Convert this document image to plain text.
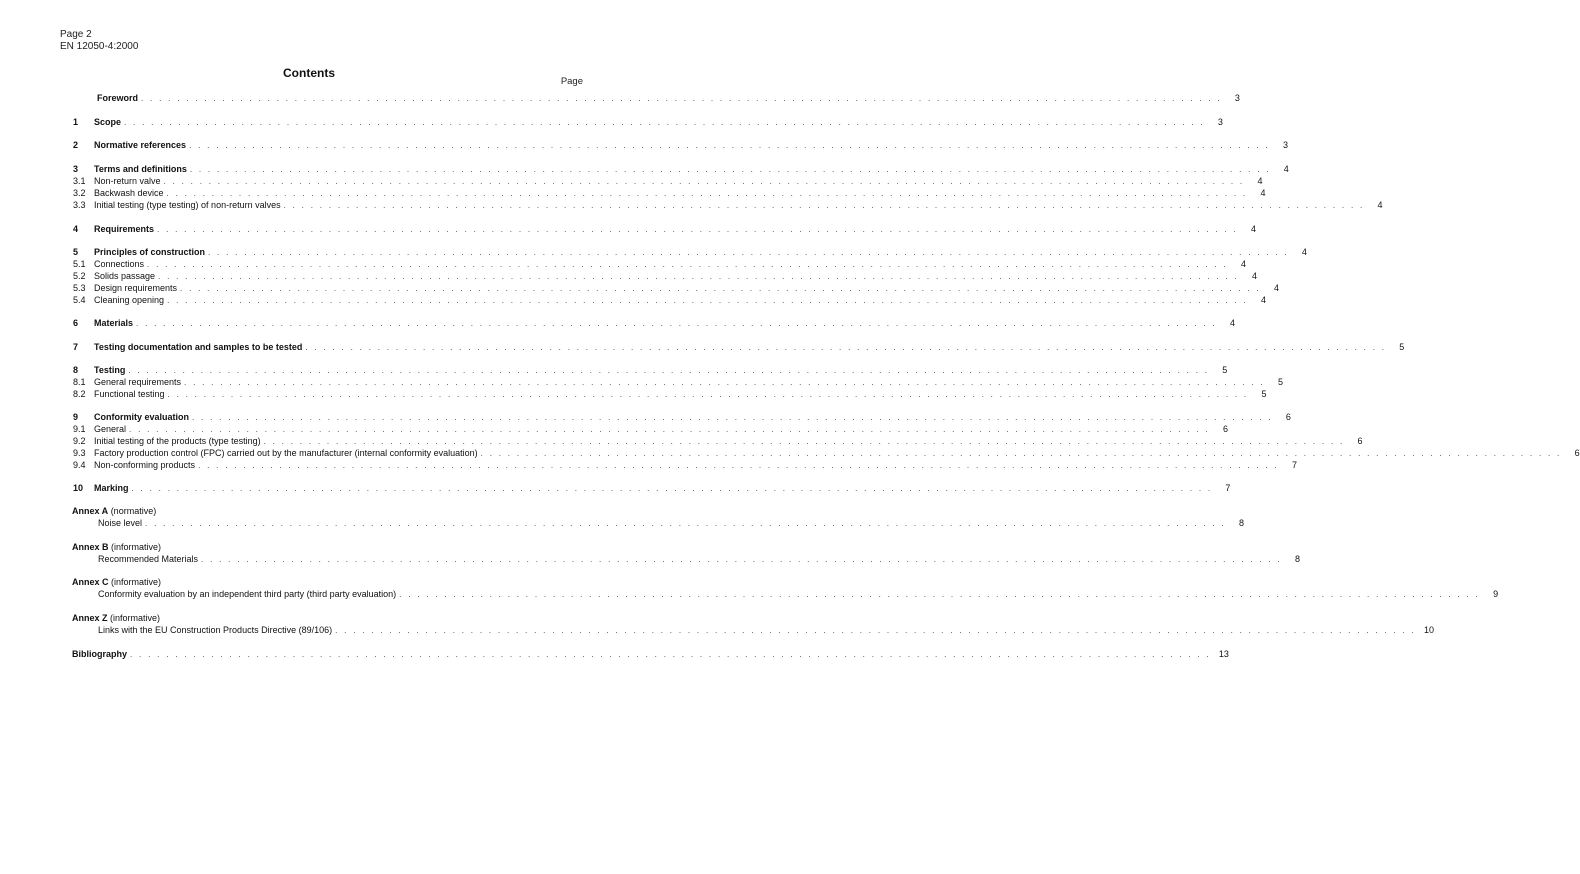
Page 2
EN 12050-4:2000
Contents
Page
Foreword . . . . . . . . . . . . . . . . . . . . . . . . . . . . . . . . . . . . . . . . . . . . . . . . . . . . . . . . . . . . . . . . . . . . . . . . . . . . . . . . . . . . . . . . . . . . . . . . . . . . . . . . . . . . . . . . . . . . . . . .	3
1	Scope . . . . . . . . . . . . . . . . . . . . . . . . . . . . . . . . . . . . . . . . . . . . . . . . . . . . . . . . . . . . . . . . . . . . . . . . . . . . . . . . . . . . . . . . . . . . . . . . . . . . . . . . . . . . . . . . . . . . . . . .	3
2	Normative references . . . . . . . . . . . . . . . . . . . . . . . . . . . . . . . . . . . . . . . . . . . . . . . . . . . . . . . . . . . . . . . . . . . . . . . . . . . . . . . . . . . . . . . . . . . . . . . . . . . . . . . . . . . . . . . . . . . . . . . .	3
3	Terms and definitions . . . . . . . . . . . . . . . . . . . . . . . . . . . . . . . . . . . . . . . . . . . . . . . . . . . . . . . . . . . . . . . . . . . . . . . . . . . . . . . . . . . . . . . . . . . . . . . . . . . . . . . . . . . . . . . . . . . . . . . .	4
3.1 Non-return valve . . . . . . . . . . . . . . . . . . . . . . . . . . . . . . . . . . . . . . . . . . . . . . . . . . . . . . . . . . . . . . . . . . . . . . . . . . . . . . . . . . . . . . . . . . . . . . . . . . . . . . . . . . . . . . . . . . . . . . . .	4
3.2 Backwash device . . . . . . . . . . . . . . . . . . . . . . . . . . . . . . . . . . . . . . . . . . . . . . . . . . . . . . . . . . . . . . . . . . . . . . . . . . . . . . . . . . . . . . . . . . . . . . . . . . . . . . . . . . . . . . . . . . . . . . . .	4
3.3 Initial testing (type testing) of non-return valves . . . . . . . . . . . . . . . . . . . . . . . . . . . . . . . . . . . . . . . . . . . . . . . . . . . . . . . . . . . . . . . . . . . . . . . . . . . . . . . . . . . . . . . . . . . . . . . . . . . . . . . . . . . . . . . . . . . . . . . .	4
4	Requirements . . . . . . . . . . . . . . . . . . . . . . . . . . . . . . . . . . . . . . . . . . . . . . . . . . . . . . . . . . . . . . . . . . . . . . . . . . . . . . . . . . . . . . . . . . . . . . . . . . . . . . . . . . . . . . . . . . . . . . . .	4
5	Principles of construction . . . . . . . . . . . . . . . . . . . . . . . . . . . . . . . . . . . . . . . . . . . . . . . . . . . . . . . . . . . . . . . . . . . . . . . . . . . . . . . . . . . . . . . . . . . . . . . . . . . . . . . . . . . . . . . . . . . . . . . .	4
5.1 Connections . . . . . . . . . . . . . . . . . . . . . . . . . . . . . . . . . . . . . . . . . . . . . . . . . . . . . . . . . . . . . . . . . . . . . . . . . . . . . . . . . . . . . . . . . . . . . . . . . . . . . . . . . . . . . . . . . . . . . . . .	4
5.2 Solids passage . . . . . . . . . . . . . . . . . . . . . . . . . . . . . . . . . . . . . . . . . . . . . . . . . . . . . . . . . . . . . . . . . . . . . . . . . . . . . . . . . . . . . . . . . . . . . . . . . . . . . . . . . . . . . . . . . . . . . . . .	4
5.3 Design requirements . . . . . . . . . . . . . . . . . . . . . . . . . . . . . . . . . . . . . . . . . . . . . . . . . . . . . . . . . . . . . . . . . . . . . . . . . . . . . . . . . . . . . . . . . . . . . . . . . . . . . . . . . . . . . . . . . . . . . . . .	4
5.4 Cleaning opening . . . . . . . . . . . . . . . . . . . . . . . . . . . . . . . . . . . . . . . . . . . . . . . . . . . . . . . . . . . . . . . . . . . . . . . . . . . . . . . . . . . . . . . . . . . . . . . . . . . . . . . . . . . . . . . . . . . . . . . .	4
6	Materials . . . . . . . . . . . . . . . . . . . . . . . . . . . . . . . . . . . . . . . . . . . . . . . . . . . . . . . . . . . . . . . . . . . . . . . . . . . . . . . . . . . . . . . . . . . . . . . . . . . . . . . . . . . . . . . . . . . . . . . .	4
7	Testing documentation and samples to be tested . . . . . . . . . . . . . . . . . . . . . . . . . . . . . . . . . . . . . . . . . . . . . . . . . . . . . . . . . . . . . . . . . . . . . . . . . . . . . . . . . . . . . . . . . . . . . . . . . . . . . . . . . . . . . . . . . . . . . . . .	5
8	Testing . . . . . . . . . . . . . . . . . . . . . . . . . . . . . . . . . . . . . . . . . . . . . . . . . . . . . . . . . . . . . . . . . . . . . . . . . . . . . . . . . . . . . . . . . . . . . . . . . . . . . . . . . . . . . . . . . . . . . . . .	5
8.1 General requirements . . . . . . . . . . . . . . . . . . . . . . . . . . . . . . . . . . . . . . . . . . . . . . . . . . . . . . . . . . . . . . . . . . . . . . . . . . . . . . . . . . . . . . . . . . . . . . . . . . . . . . . . . . . . . . . . . . . . . . . .	5
8.2 Functional testing . . . . . . . . . . . . . . . . . . . . . . . . . . . . . . . . . . . . . . . . . . . . . . . . . . . . . . . . . . . . . . . . . . . . . . . . . . . . . . . . . . . . . . . . . . . . . . . . . . . . . . . . . . . . . . . . . . . . . . . .	5
9	Conformity evaluation . . . . . . . . . . . . . . . . . . . . . . . . . . . . . . . . . . . . . . . . . . . . . . . . . . . . . . . . . . . . . . . . . . . . . . . . . . . . . . . . . . . . . . . . . . . . . . . . . . . . . . . . . . . . . . . . . . . . . . . .	6
9.1 General . . . . . . . . . . . . . . . . . . . . . . . . . . . . . . . . . . . . . . . . . . . . . . . . . . . . . . . . . . . . . . . . . . . . . . . . . . . . . . . . . . . . . . . . . . . . . . . . . . . . . . . . . . . . . . . . . . . . . . . .	6
9.2 Initial testing of the products (type testing) . . . . . . . . . . . . . . . . . . . . . . . . . . . . . . . . . . . . . . . . . . . . . . . . . . . . . . . . . . . . . . . . . . . . . . . . . . . . . . . . . . . . . . . . . . . . . . . . . . . . . . . . . . . . . . . . . . . . . . . .	6
9.3 Factory production control (FPC) carried out by the manufacturer (internal conformity evaluation) . . . . . . . . . . . . . . . . . . . . . . . . . . . . . . . . . . . . . . . . . . . . . . . . . . . . . . . . . . . . . . . . . . . . . . . . . . . . . . . . . . . . . . . . . . . . . . . . . . . . . . . . . . . . . . . . . . . . . . . .	6
9.4 Non-conforming products . . . . . . . . . . . . . . . . . . . . . . . . . . . . . . . . . . . . . . . . . . . . . . . . . . . . . . . . . . . . . . . . . . . . . . . . . . . . . . . . . . . . . . . . . . . . . . . . . . . . . . . . . . . . . . . . . . . . . . . .	7
10	Marking . . . . . . . . . . . . . . . . . . . . . . . . . . . . . . . . . . . . . . . . . . . . . . . . . . . . . . . . . . . . . . . . . . . . . . . . . . . . . . . . . . . . . . . . . . . . . . . . . . . . . . . . . . . . . . . . . . . . . . . .	7
Annex A (normative)
Noise level . . . . . . . . . . . . . . . . . . . . . . . . . . . . . . . . . . . . . . . . . . . . . . . . . . . . . . . . . . . . . . . . . . . . . . . . . . . . . . . . . . . . . . . . . . . . . . . . . . . . . . . . . . . . . . . . . . . . . . . .	8
Annex B (informative)
Recommended Materials . . . . . . . . . . . . . . . . . . . . . . . . . . . . . . . . . . . . . . . . . . . . . . . . . . . . . . . . . . . . . . . . . . . . . . . . . . . . . . . . . . . . . . . . . . . . . . . . . . . . . . . . . . . . . . . . . . . . . . . .	8
Annex C (informative)
Conformity evaluation by an independent third party (third party evaluation) . . . . . . . . . . . . . . . . . . . . . . . . . . . . . . . . . . . . . . . . . . . . . . . . . . . . . . . . . . . . . . . . . . . . . . . . . . . . . . . . . . . . . . . . . . . . . . . . . . . . . . . . . . . . . . . . . . . . . . . .	9
Annex Z (informative)
Links with the EU Construction Products Directive (89/106) . . . . . . . . . . . . . . . . . . . . . . . . . . . . . . . . . . . . . . . . . . . . . . . . . . . . . . . . . . . . . . . . . . . . . . . . . . . . . . . . . . . . . . . . . . . . . . . . . . . . . . . . . . . . . . . . . . . . . . . . 10
Bibliography . . . . . . . . . . . . . . . . . . . . . . . . . . . . . . . . . . . . . . . . . . . . . . . . . . . . . . . . . . . . . . . . . . . . . . . . . . . . . . . . . . . . . . . . . . . . . . . . . . . . . . . . . . . . . . . . . . . . . . . . 13
